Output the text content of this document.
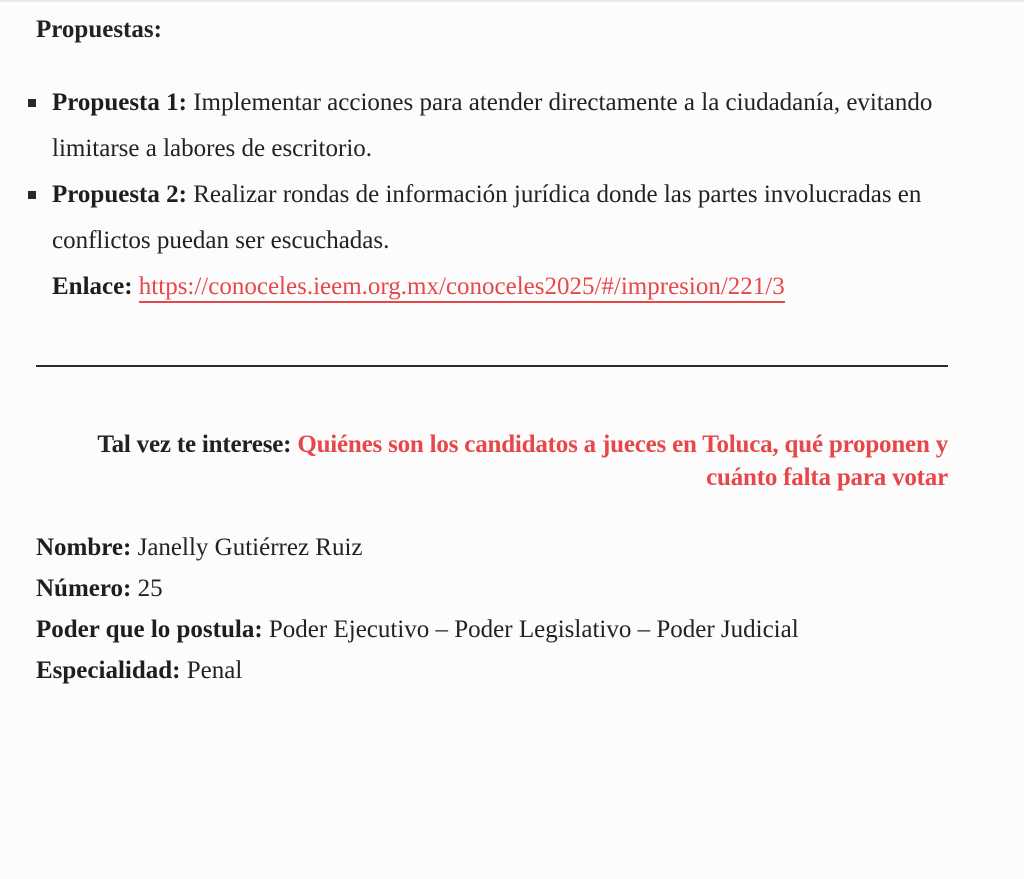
Propuestas:
Propuesta 1: Implementar acciones para atender directamente a la ciudadanía, evitando limitarse a labores de escritorio.
Propuesta 2: Realizar rondas de información jurídica donde las partes involucradas en conflictos puedan ser escuchadas.
Enlace: https://conoceles.ieem.org.mx/conoceles2025/#/impresion/221/3
Tal vez te interese: Quiénes son los candidatos a jueces en Toluca, qué proponen y cuánto falta para votar

Nombre: Janelly Gutiérrez Ruiz

Número: 25

Poder que lo postula: Poder Ejecutivo – Poder Legislativo – Poder Judicial

Especialidad: Penal
